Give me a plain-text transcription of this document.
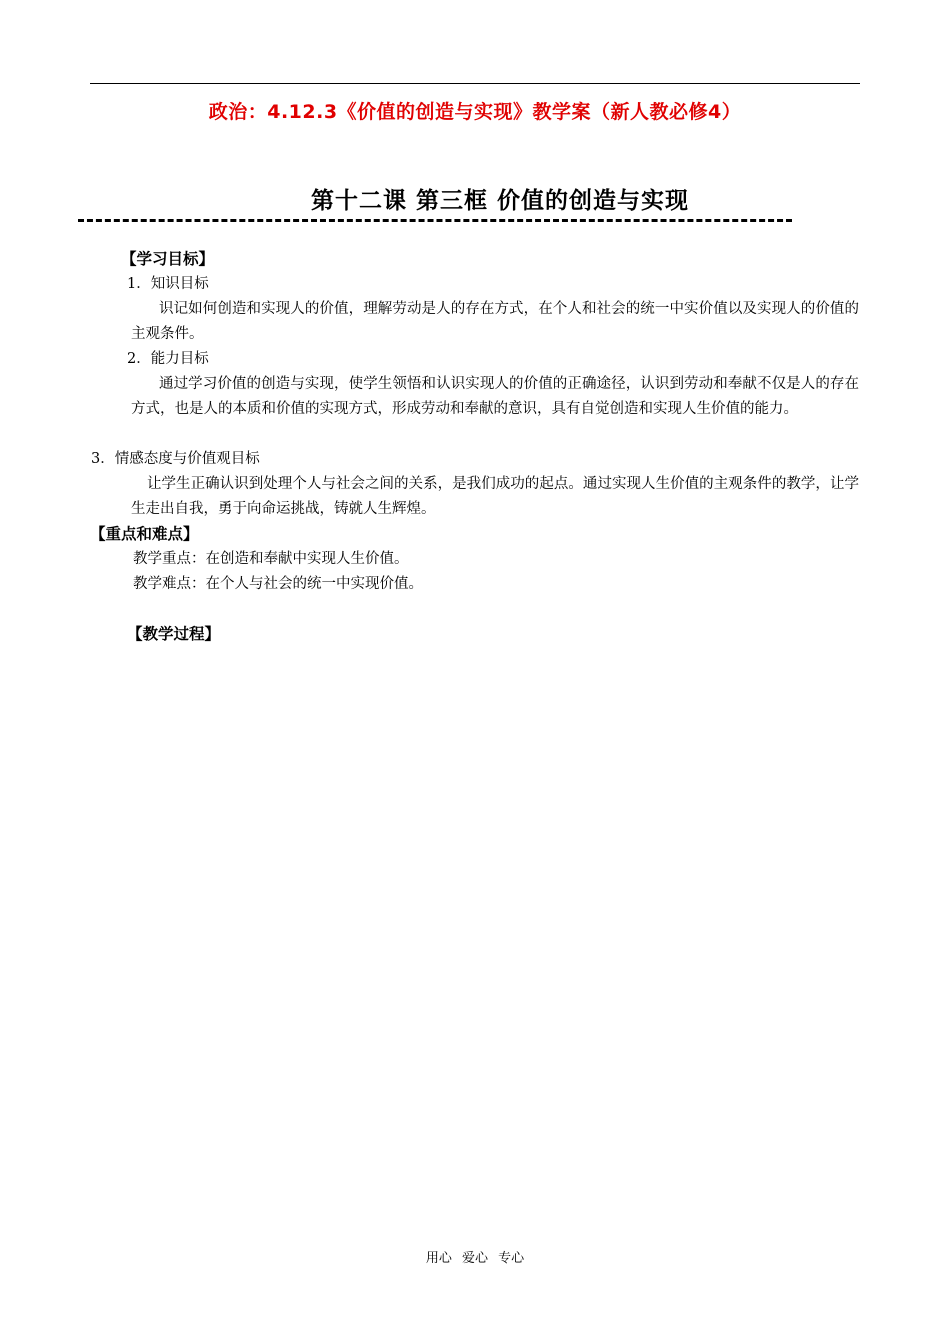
政治：4.12.3《价值的创造与实现》教学案（新人教必修4）
第十二课 第三框 价值的创造与实现
【学习目标】
1．知识目标
识记如何创造和实现人的价值，理解劳动是人的存在方式，在个人和社会的统一中实价值以及实现人的价值的主观条件。
2．能力目标
通过学习价值的创造与实现，使学生领悟和认识实现人的价值的正确途径，认识到劳动和奉献不仅是人的存在方式，也是人的本质和价值的实现方式，形成劳动和奉献的意识，具有自觉创造和实现人生价值的能力。
3．情感态度与价值观目标
让学生正确认识到处理个人与社会之间的关系，是我们成功的起点。通过实现人生价值的主观条件的教学，让学生走出自我，勇于向命运挑战，铸就人生辉煌。
【重点和难点】
教学重点：在创造和奉献中实现人生价值。
教学难点：在个人与社会的统一中实现价值。
【教学过程】
用心 爱心 专心
